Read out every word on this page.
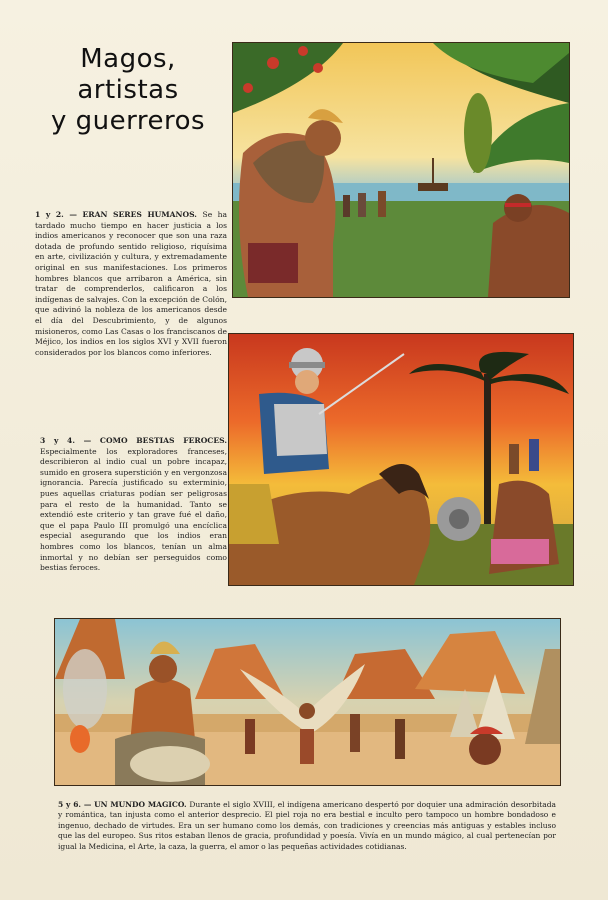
Magos,
artistas
y guerreros
1 y 2. — ERAN SERES HUMANOS. Se ha tardado mucho tiempo en hacer justicia a los indios americanos y reconocer que son una raza dotada de profundo sentido religioso, riquísima en arte, civilización y cultura, y extremadamente original en sus manifestaciones. Los primeros hombres blancos que arribaron a América, sin tratar de comprenderlos, calificaron a los indígenas de salvajes. Con la excepción de Colón, que adivinó la nobleza de los americanos desde el día del Descubrimiento, y de algunos misioneros, como Las Casas o los franciscanos de Méjico, los indios en los siglos XVI y XVII fueron considerados por los blancos como inferiores.
3 y 4. — COMO BESTIAS FEROCES. Especialmente los exploradores franceses, describieron al indio cual un pobre incapaz, sumido en grosera superstición y en vergonzosa ignorancia. Parecía justificado su exterminio, pues aquellas criaturas podían ser peligrosas para el resto de la humanidad. Tanto se extendió este criterio y tan grave fué el daño, que el papa Paulo III promulgó una encíclica especial asegurando que los indios eran hombres como los blancos, tenían un alma inmortal y no debían ser perseguidos como bestias feroces.
5 y 6. — UN MUNDO MAGICO. Durante el siglo XVIII, el indígena americano despertó por doquier una admiración desorbitada y romántica, tan injusta como el anterior desprecio. El piel roja no era bestial e inculto pero tampoco un hombre bondadoso e ingenuo, dechado de virtudes. Era un ser humano como los demás, con tradiciones y creencias más antiguas y estables incluso que las del europeo. Sus ritos estaban llenos de gracia, profundidad y poesía. Vivía en un mundo mágico, al cual pertenecían por igual la Medicina, el Arte, la caza, la guerra, el amor o las pequeñas actividades cotidianas.
